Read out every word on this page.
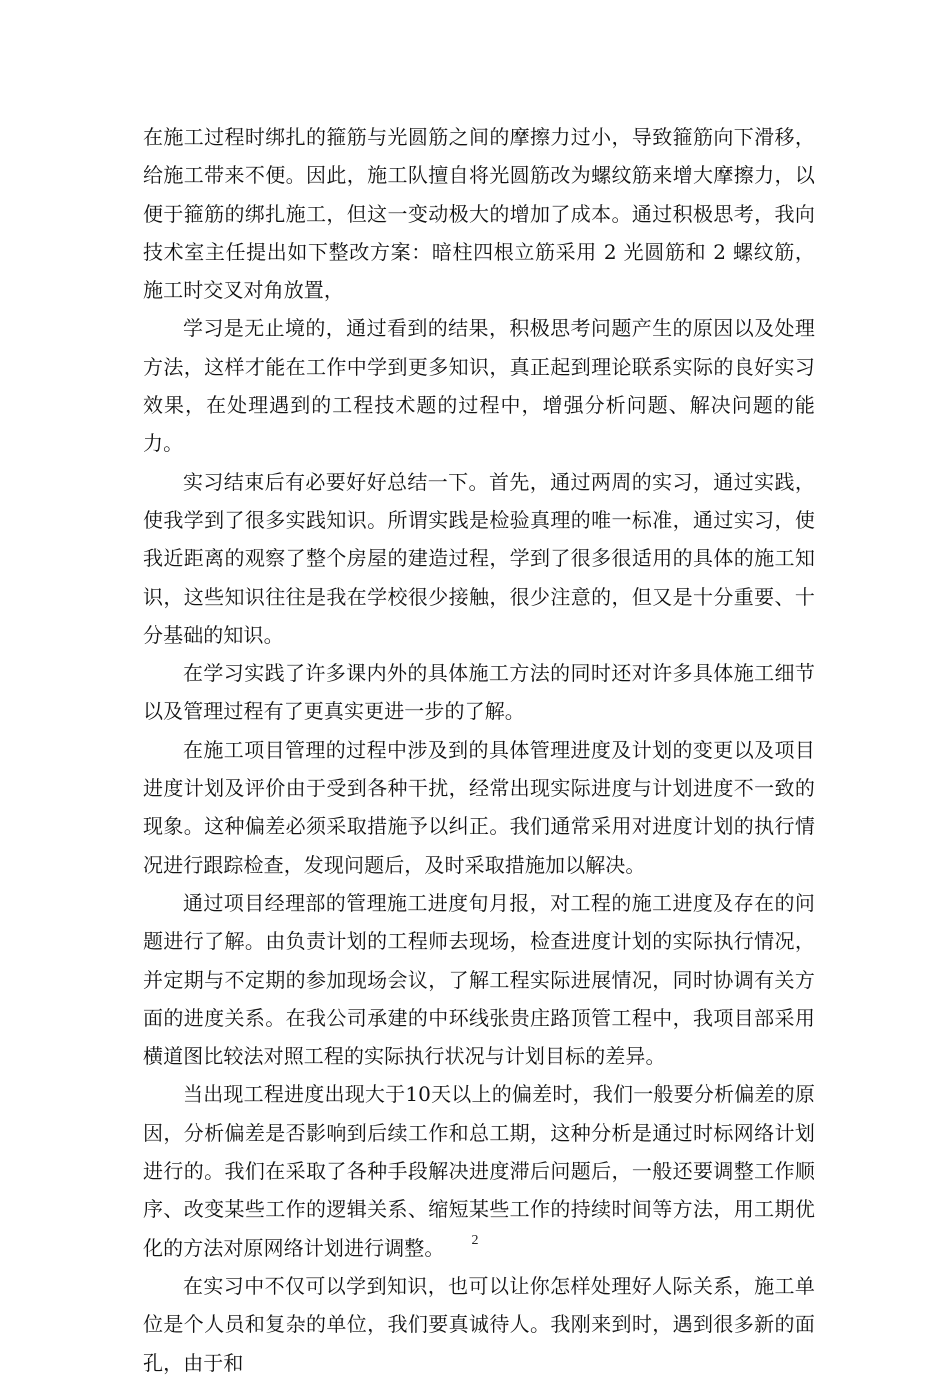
在施工过程时绑扎的箍筋与光圆筋之间的摩擦力过小，导致箍筋向下滑移，给施工带来不便。因此，施工队擅自将光圆筋改为螺纹筋来增大摩擦力，以便于箍筋的绑扎施工，但这一变动极大的增加了成本。通过积极思考，我向技术室主任提出如下整改方案：暗柱四根立筋采用 2 光圆筋和 2 螺纹筋，施工时交叉对角放置，

学习是无止境的，通过看到的结果，积极思考问题产生的原因以及处理方法，这样才能在工作中学到更多知识，真正起到理论联系实际的良好实习效果，在处理遇到的工程技术题的过程中，增强分析问题、解决问题的能力。

实习结束后有必要好好总结一下。首先，通过两周的实习，通过实践，使我学到了很多实践知识。所谓实践是检验真理的唯一标准，通过实习，使我近距离的观察了整个房屋的建造过程，学到了很多很适用的具体的施工知识，这些知识往往是我在学校很少接触，很少注意的，但又是十分重要、十分基础的知识。

在学习实践了许多课内外的具体施工方法的同时还对许多具体施工细节以及管理过程有了更真实更进一步的了解。

在施工项目管理的过程中涉及到的具体管理进度及计划的变更以及项目进度计划及评价由于受到各种干扰，经常出现实际进度与计划进度不一致的现象。这种偏差必须采取措施予以纠正。我们通常采用对进度计划的执行情况进行跟踪检查，发现问题后，及时采取措施加以解决。

通过项目经理部的管理施工进度旬月报，对工程的施工进度及存在的问题进行了解。由负责计划的工程师去现场，检查进度计划的实际执行情况，并定期与不定期的参加现场会议，了解工程实际进展情况，同时协调有关方面的进度关系。在我公司承建的中环线张贵庄路顶管工程中，我项目部采用横道图比较法对照工程的实际执行状况与计划目标的差异。

当出现工程进度出现大于10天以上的偏差时，我们一般要分析偏差的原因，分析偏差是否影响到后续工作和总工期，这种分析是通过时标网络计划进行的。我们在采取了各种手段解决进度滞后问题后，一般还要调整工作顺序、改变某些工作的逻辑关系、缩短某些工作的持续时间等方法，用工期优化的方法对原网络计划进行调整。

在实习中不仅可以学到知识，也可以让你怎样处理好人际关系，施工单位是个人员和复杂的单位，我们要真诚待人。我刚来到时，遇到很多新的面孔，由于和

2
